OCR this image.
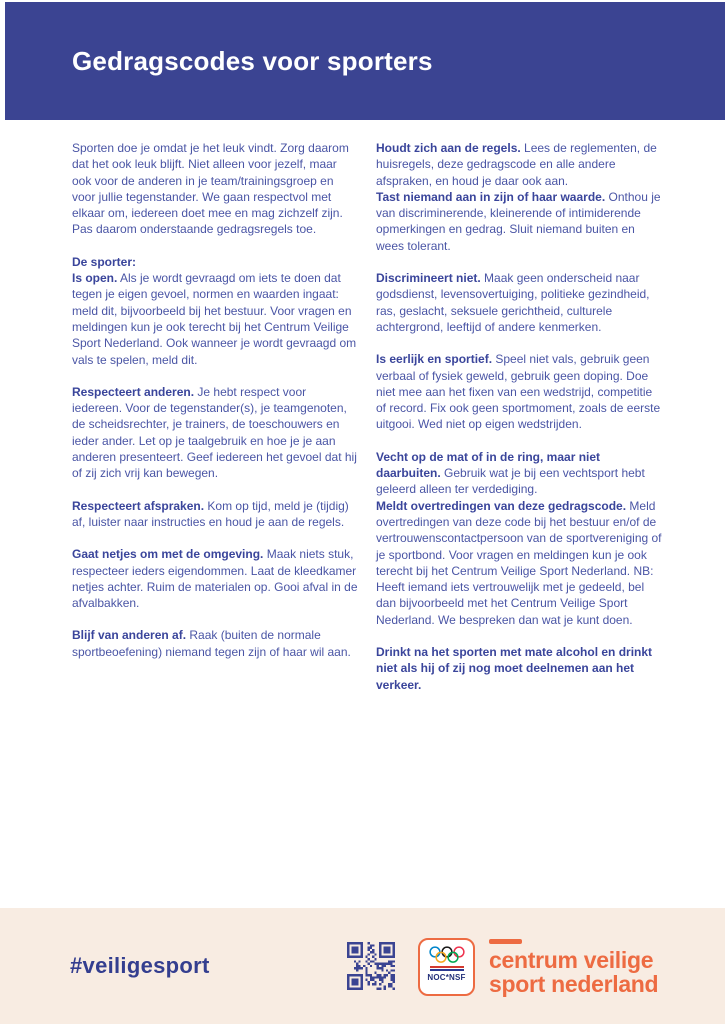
Gedragscodes voor sporters

Sporten doe je omdat je het leuk vindt. Zorg daarom dat het ook leuk blijft. Niet alleen voor jezelf, maar ook voor de anderen in je team/trainingsgroep en voor jullie tegenstander. We gaan respectvol met elkaar om, iedereen doet mee en mag zichzelf zijn. Pas daarom onderstaande gedragsregels toe.

De sporter:

Is open. Als je wordt gevraagd om iets te doen dat tegen je eigen gevoel, normen en waarden ingaat: meld dit, bijvoorbeeld bij het bestuur. Voor vragen en meldingen kun je ook terecht bij het Centrum Veilige Sport Nederland. Ook wanneer je wordt gevraagd om vals te spelen, meld dit.

Respecteert anderen. Je hebt respect voor iedereen. Voor de tegenstander(s), je teamgenoten, de scheidsrechter, je trainers, de toeschouwers en ieder ander. Let op je taalgebruik en hoe je je aan anderen presenteert. Geef iedereen het gevoel dat hij of zij zich vrij kan bewegen.

Respecteert afspraken. Kom op tijd, meld je (tijdig) af, luister naar instructies en houd je aan de regels.

Gaat netjes om met de omgeving. Maak niets stuk, respecteer ieders eigendommen. Laat de kleedkamer netjes achter. Ruim de materialen op. Gooi afval in de afvalbakken.

Blijf van anderen af. Raak (buiten de normale sportbeoefening) niemand tegen zijn of haar wil aan.

Houdt zich aan de regels. Lees de reglementen, de huisregels, deze gedragscode en alle andere afspraken, en houd je daar ook aan.

Tast niemand aan in zijn of haar waarde. Onthou je van discriminerende, kleinerende of intimiderende opmerkingen en gedrag. Sluit niemand buiten en wees tolerant.

Discrimineert niet. Maak geen onderscheid naar godsdienst, levensovertuiging, politieke gezindheid, ras, geslacht, seksuele gerichtheid, culturele achtergrond, leeftijd of andere kenmerken.

Is eerlijk en sportief. Speel niet vals, gebruik geen verbaal of fysiek geweld, gebruik geen doping. Doe niet mee aan het fixen van een wedstrijd, competitie of record. Fix ook geen sportmoment, zoals de eerste uitgooi. Wed niet op eigen wedstrijden.

Vecht op de mat of in de ring, maar niet daarbuiten. Gebruik wat je bij een vechtsport hebt geleerd alleen ter verdediging.

Meldt overtredingen van deze gedragscode. Meld overtredingen van deze code bij het bestuur en/of de vertrouwenscontactpersoon van de sportvereniging of je sportbond. Voor vragen en meldingen kun je ook terecht bij het Centrum Veilige Sport Nederland. NB: Heeft iemand iets vertrouwelijk met je gedeeld, bel dan bijvoorbeeld met het Centrum Veilige Sport Nederland. We bespreken dan wat je kunt doen.

Drinkt na het sporten met mate alcohol en drinkt niet als hij of zij nog moet deelnemen aan het verkeer.

#veiligesport	NOC*NSF
centrum veilige
sport nederland
